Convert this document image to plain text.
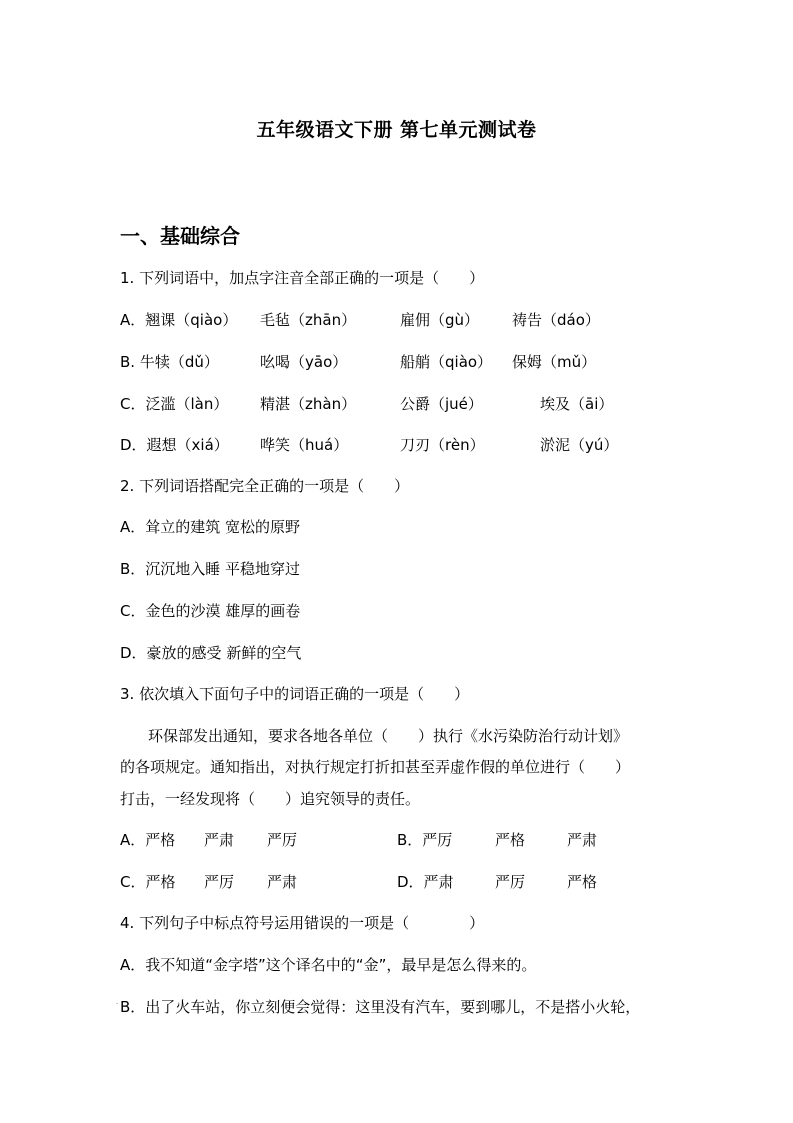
五年级语文下册 第七单元测试卷
一、基础综合
1. 下列词语中，加点字注音全部正确的一项是（　　）
A．翘课（qiào） 毛毡（zhān）	雇佣（gù） 祷告（dáo）
B. 牛犊（dǔ）	吆喝（yāo）	船艄（qiào） 保姆（mǔ）
C．泛滥（làn） 精湛（zhàn）	公爵（jué）	埃及（āi）
D．遐想（xiá） 哗笑（huá）	刀刃（rèn）	淤泥（yú）
2. 下列词语搭配完全正确的一项是（　　）
A．耸立的建筑 宽松的原野
B．沉沉地入睡 平稳地穿过
C．金色的沙漠 雄厚的画卷
D．豪放的感受 新鲜的空气
3. 依次填入下面句子中的词语正确的一项是（　　）
环保部发出通知，要求各地各单位（　　）执行《水污染防治行动计划》
的各项规定。通知指出，对执行规定打折扣甚至弄虚作假的单位进行（　　）
打击，一经发现将（　　）追究领导的责任。
A．严格 严肃 严厉	B．严厉	严格	严肃
C．严格 严厉 严肃	D．严肃	严厉	严格
4. 下列句子中标点符号运用错误的一项是（　　　　）
A．我不知道“金字塔”这个译名中的“金”，最早是怎么得来的。
· B．出了火车站，你立刻便会觉得：这里没有汽车，要到哪儿，不是搭小火轮，
